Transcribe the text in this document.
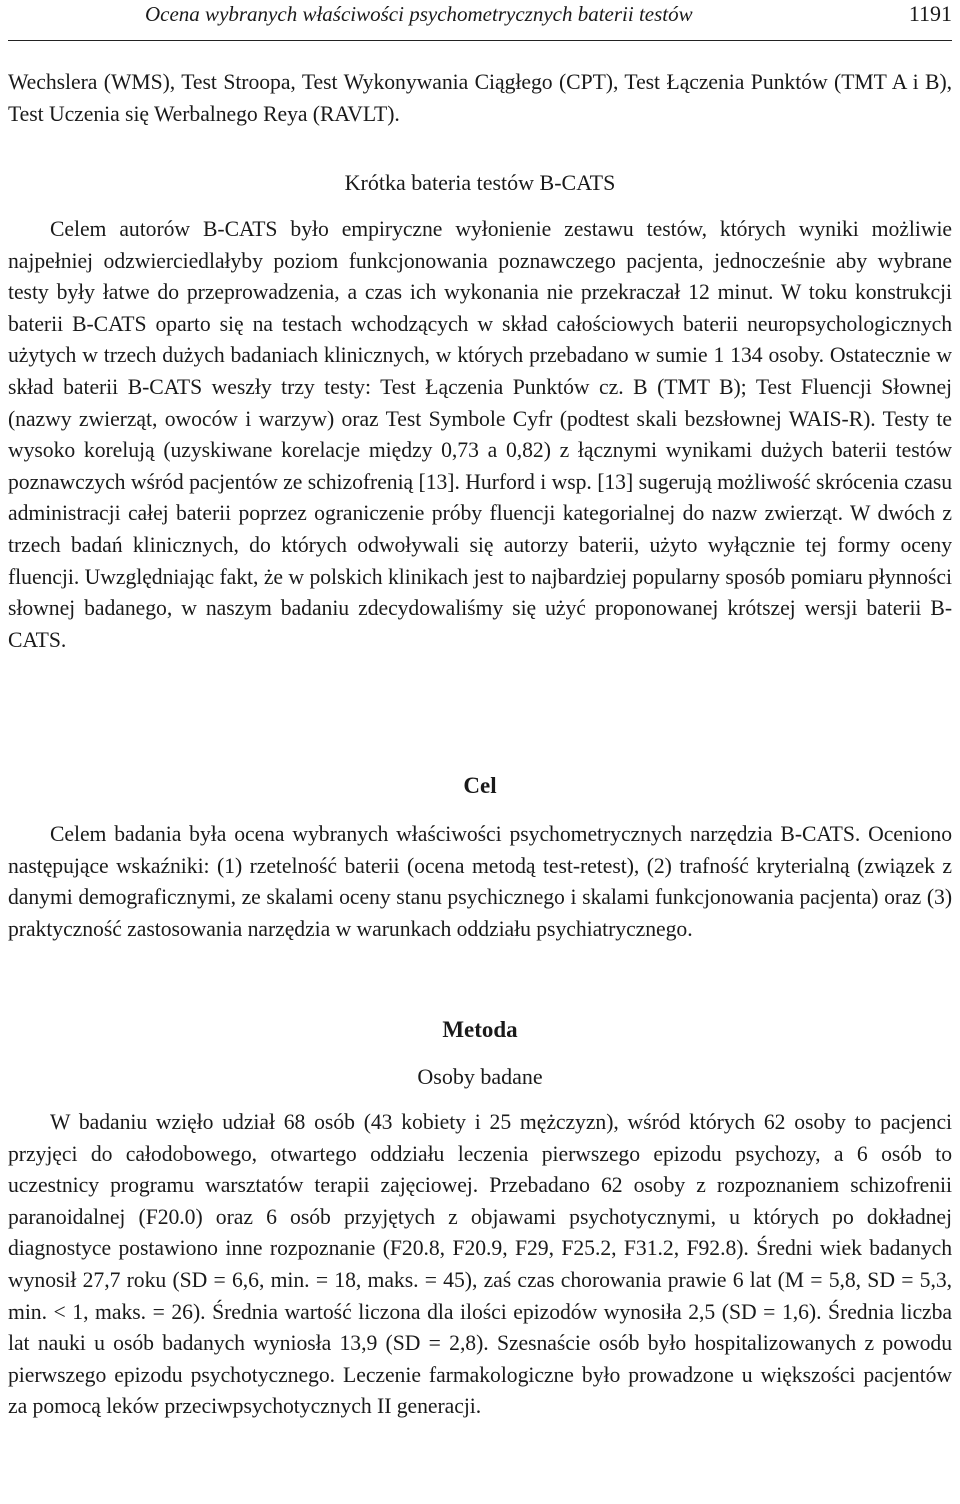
Ocena wybranych właściwości psychometrycznych baterii testów	1191

Wechslera (WMS), Test Stroopa, Test Wykonywania Ciągłego (CPT), Test Łączenia Punktów (TMT A i B), Test Uczenia się Werbalnego Reya (RAVLT).

Krótka bateria testów B-CATS

Celem autorów B-CATS było empiryczne wyłonienie zestawu testów, których wyniki możliwie najpełniej odzwierciedlałyby poziom funkcjonowania poznawczego pacjenta, jednocześnie aby wybrane testy były łatwe do przeprowadzenia, a czas ich wykonania nie przekraczał 12 minut. W toku konstrukcji baterii B-CATS oparto się na testach wchodzących w skład całościowych baterii neuropsychologicznych użytych w trzech dużych badaniach klinicznych, w których przebadano w sumie 1 134 osoby. Ostatecznie w skład baterii B-CATS weszły trzy testy: Test Łączenia Punktów cz. B (TMT B); Test Fluencji Słownej (nazwy zwierząt, owoców i warzyw) oraz Test Symbole Cyfr (podtest skali bezsłownej WAIS-R). Testy te wysoko korelują (uzyskiwane korelacje między 0,73 a 0,82) z łącznymi wynikami dużych baterii testów poznawczych wśród pacjentów ze schizofrenią [13]. Hurford i wsp. [13] sugerują możliwość skrócenia czasu administracji całej baterii poprzez ograniczenie próby fluencji kategorialnej do nazw zwierząt. W dwóch z trzech badań klinicznych, do których odwoływali się autorzy baterii, użyto wyłącznie tej formy oceny fluencji. Uwzględniając fakt, że w polskich klinikach jest to najbardziej popularny sposób pomiaru płynności słownej badanego, w naszym badaniu zdecydowaliśmy się użyć proponowanej krótszej wersji baterii B-CATS.

Cel

Celem badania była ocena wybranych właściwości psychometrycznych narzędzia B-CATS. Oceniono następujące wskaźniki: (1) rzetelność baterii (ocena metodą test-retest), (2) trafność kryterialną (związek z danymi demograficznymi, ze skalami oceny stanu psychicznego i skalami funkcjonowania pacjenta) oraz (3) praktyczność zastosowania narzędzia w warunkach oddziału psychiatrycznego.

Metoda
Osoby badane

W badaniu wzięło udział 68 osób (43 kobiety i 25 mężczyzn), wśród których 62 osoby to pacjenci przyjęci do całodobowego, otwartego oddziału leczenia pierwszego epizodu psychozy, a 6 osób to uczestnicy programu warsztatów terapii zajęciowej. Przebadano 62 osoby z rozpoznaniem schizofrenii paranoidalnej (F20.0) oraz 6 osób przyjętych z objawami psychotycznymi, u których po dokładnej diagnostyce postawiono inne rozpoznanie (F20.8, F20.9, F29, F25.2, F31.2, F92.8). Średni wiek badanych wynosił 27,7 roku (SD = 6,6, min. = 18, maks. = 45), zaś czas chorowania prawie 6 lat (M = 5,8, SD = 5,3, min. < 1, maks. = 26). Średnia wartość liczona dla ilości epizodów wynosiła 2,5 (SD = 1,6). Średnia liczba lat nauki u osób badanych wyniosła 13,9 (SD = 2,8). Szesnaście osób było hospitalizowanych z powodu pierwszego epizodu psychotycznego. Leczenie farmakologiczne było prowadzone u większości pacjentów za pomocą leków przeciwpsychotycznych II generacji.
